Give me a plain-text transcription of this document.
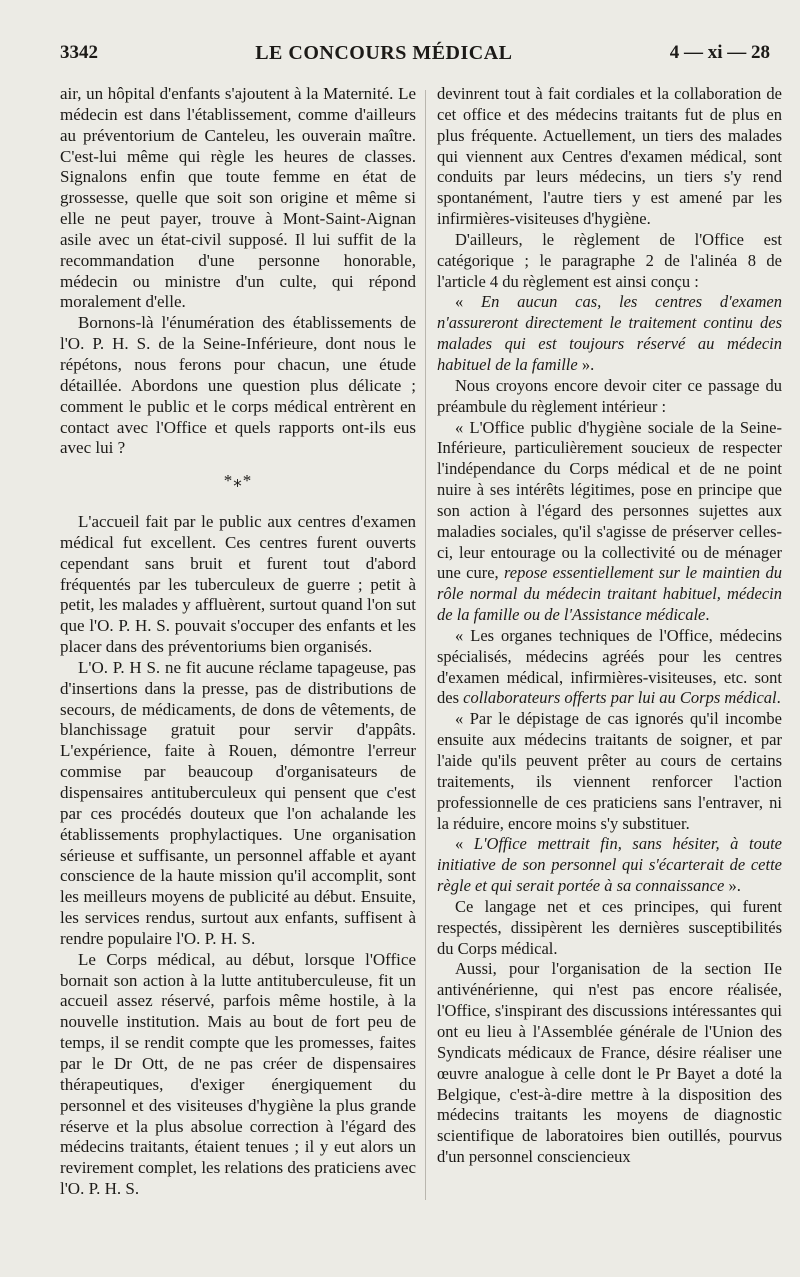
3342	LE CONCOURS MÉDICAL	4 — xi — 28

air, un hôpital d'enfants s'ajoutent à la Maternité. Le médecin est dans l'établissement, comme d'ailleurs au préventorium de Canteleu, les ouverain maître. C'est-lui même qui règle les heures de classes. Signalons enfin que toute femme en état de grossesse, quelle que soit son origine et même si elle ne peut payer, trouve à Mont-Saint-Aignan asile avec un état-civil supposé. Il lui suffit de la recommandation d'une personne honorable, médecin ou ministre d'un culte, qui répond moralement d'elle.

Bornons-là l'énumération des établissements de l'O. P. H. S. de la Seine-Inférieure, dont nous le répétons, nous ferons pour chacun, une étude détaillée. Abordons une question plus délicate ; comment le public et le corps médical entrèrent en contact avec l'Office et quels rapports ont-ils eus avec lui ?

*⁎*

L'accueil fait par le public aux centres d'examen médical fut excellent. Ces centres furent ouverts cependant sans bruit et furent tout d'abord fréquentés par les tuberculeux de guerre ; petit à petit, les malades y affluèrent, surtout quand l'on sut que l'O. P. H. S. pouvait s'occuper des enfants et les placer dans des préventoriums bien organisés.

L'O. P. H S. ne fit aucune réclame tapageuse, pas d'insertions dans la presse, pas de distributions de secours, de médicaments, de dons de vêtements, de blanchissage gratuit pour servir d'appâts. L'expérience, faite à Rouen, démontre l'erreur commise par beaucoup d'organisateurs de dispensaires antituberculeux qui pensent que c'est par ces procédés douteux que l'on achalande les établissements prophylactiques. Une organisation sérieuse et suffisante, un personnel affable et ayant conscience de la haute mission qu'il accomplit, sont les meilleurs moyens de publicité au début. Ensuite, les services rendus, surtout aux enfants, suffisent à rendre populaire l'O. P. H. S.

Le Corps médical, au début, lorsque l'Office bornait son action à la lutte antituberculeuse, fit un accueil assez réservé, parfois même hostile, à la nouvelle institution. Mais au bout de fort peu de temps, il se rendit compte que les promesses, faites par le Dr Ott, de ne pas créer de dispensaires thérapeutiques, d'exiger énergiquement du personnel et des visiteuses d'hygiène la plus grande réserve et la plus absolue correction à l'égard des médecins traitants, étaient tenues ; il y eut alors un revirement complet, les relations des praticiens avec l'O. P. H. S.

devinrent tout à fait cordiales et la collaboration de cet office et des médecins traitants fut de plus en plus fréquente. Actuellement, un tiers des malades qui viennent aux Centres d'examen médical, sont conduits par leurs médecins, un tiers s'y rend spontanément, l'autre tiers y est amené par les infirmières-visiteuses d'hygiène.

D'ailleurs, le règlement de l'Office est catégorique ; le paragraphe 2 de l'alinéa 8 de l'article 4 du règlement est ainsi conçu :

« En aucun cas, les centres d'examen n'assureront directement le traitement continu des malades qui est toujours réservé au médecin habituel de la famille ».

Nous croyons encore devoir citer ce passage du préambule du règlement intérieur :

« L'Office public d'hygiène sociale de la Seine-Inférieure, particulièrement soucieux de respecter l'indépendance du Corps médical et de ne point nuire à ses intérêts légitimes, pose en principe que son action à l'égard des personnes sujettes aux maladies sociales, qu'il s'agisse de préserver celles-ci, leur entourage ou la collectivité ou de ménager une cure, repose essentiellement sur le maintien du rôle normal du médecin traitant habituel, médecin de la famille ou de l'Assistance médicale.

« Les organes techniques de l'Office, médecins spécialisés, médecins agréés pour les centres d'examen médical, infirmières-visiteuses, etc. sont des collaborateurs offerts par lui au Corps médical.

« Par le dépistage de cas ignorés qu'il incombe ensuite aux médecins traitants de soigner, et par l'aide qu'ils peuvent prêter au cours de certains traitements, ils viennent renforcer l'action professionnelle de ces praticiens sans l'entraver, ni la réduire, encore moins s'y substituer.

« L'Office mettrait fin, sans hésiter, à toute initiative de son personnel qui s'écarterait de cette règle et qui serait portée à sa connaissance ».

Ce langage net et ces principes, qui furent respectés, dissipèrent les dernières susceptibilités du Corps médical.

Aussi, pour l'organisation de la section IIe antivénérienne, qui n'est pas encore réalisée, l'Office, s'inspirant des discussions intéressantes qui ont eu lieu à l'Assemblée générale de l'Union des Syndicats médicaux de France, désire réaliser une œuvre analogue à celle dont le Pr Bayet a doté la Belgique, c'est-à-dire mettre à la disposition des médecins traitants les moyens de diagnostic scientifique de laboratoires bien outillés, pourvus d'un personnel consciencieux
